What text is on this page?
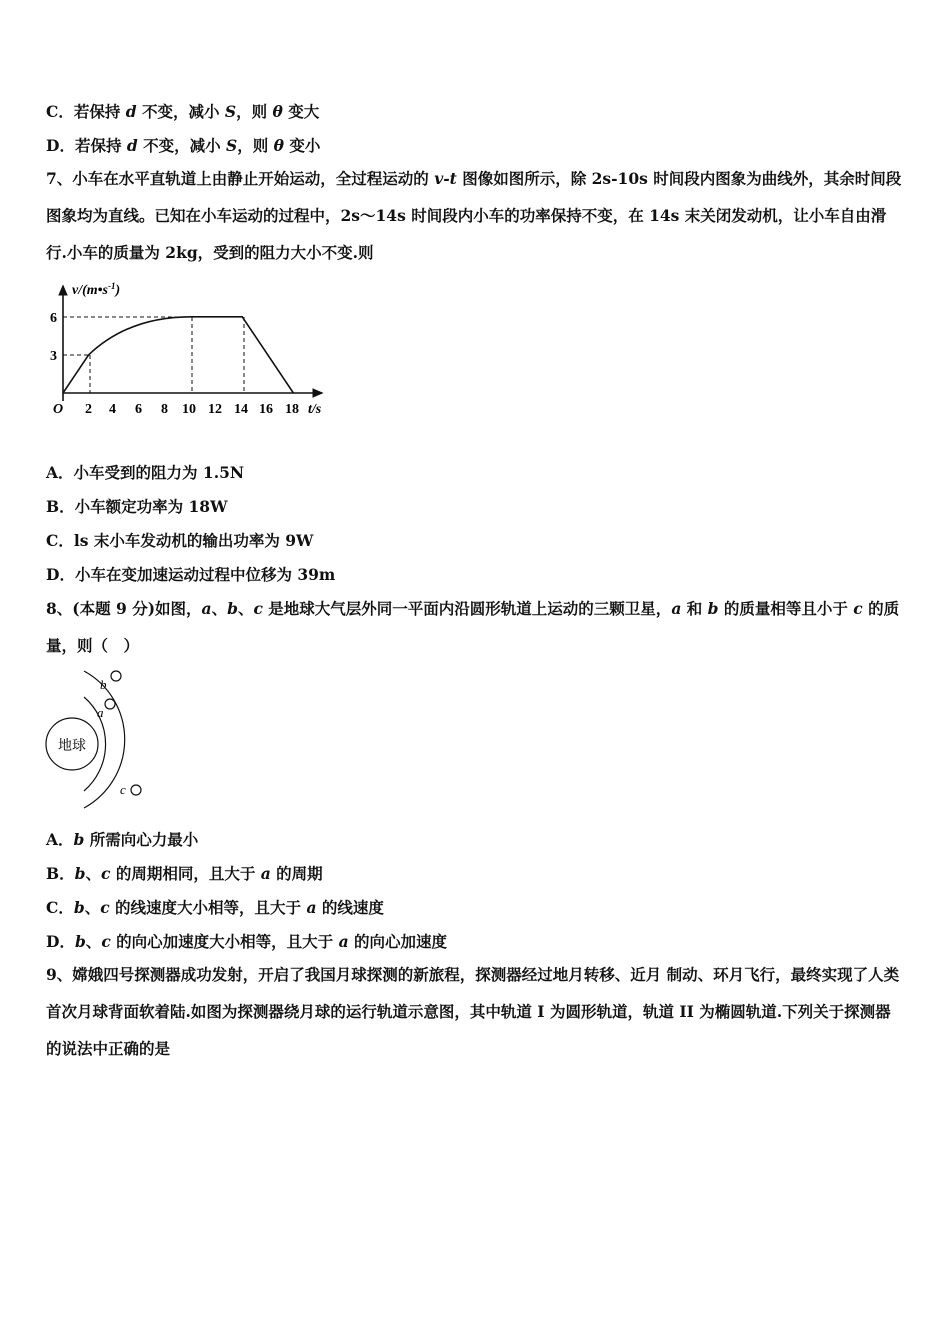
C．若保持 d 不变，减小 S，则 θ 变大
D．若保持 d 不变，减小 S，则 θ 变小
7、小车在水平直轨道上由静止开始运动，全过程运动的 v-t 图像如图所示，除 2s-10s 时间段内图象为曲线外，其余时间段图象均为直线。已知在小车运动的过程中，2s～14s 时间段内小车的功率保持不变，在 14s 末关闭发动机，让小车自由滑行.小车的质量为 2kg，受到的阻力大小不变.则
$v/(m•s^{-1})$
6
3
O 2 4 6 8 10 12 14 16 18 t/s
A．小车受到的阻力为 1.5N
B．小车额定功率为 18W
C．ls 末小车发动机的输出功率为 9W
D．小车在变加速运动过程中位移为 39m
8、(本题 9 分)如图，a、b、c 是地球大气层外同一平面内沿圆形轨道上运动的三颗卫星，a 和 b 的质量相等且小于 c 的质量，则（　）
地球
a
b
c
A．b 所需向心力最小
B．b、c 的周期相同，且大于 a 的周期
C．b、c 的线速度大小相等，且大于 a 的线速度
D．b、c 的向心加速度大小相等，且大于 a 的向心加速度
9、嫦娥四号探测器成功发射，开启了我国月球探测的新旅程，探测器经过地月转移、近月 制动、环月飞行，最终实现了人类首次月球背面软着陆.如图为探测器绕月球的运行轨道示意图，其中轨道 I 为圆形轨道，轨道 II 为椭圆轨道.下列关于探测器的说法中正确的是
